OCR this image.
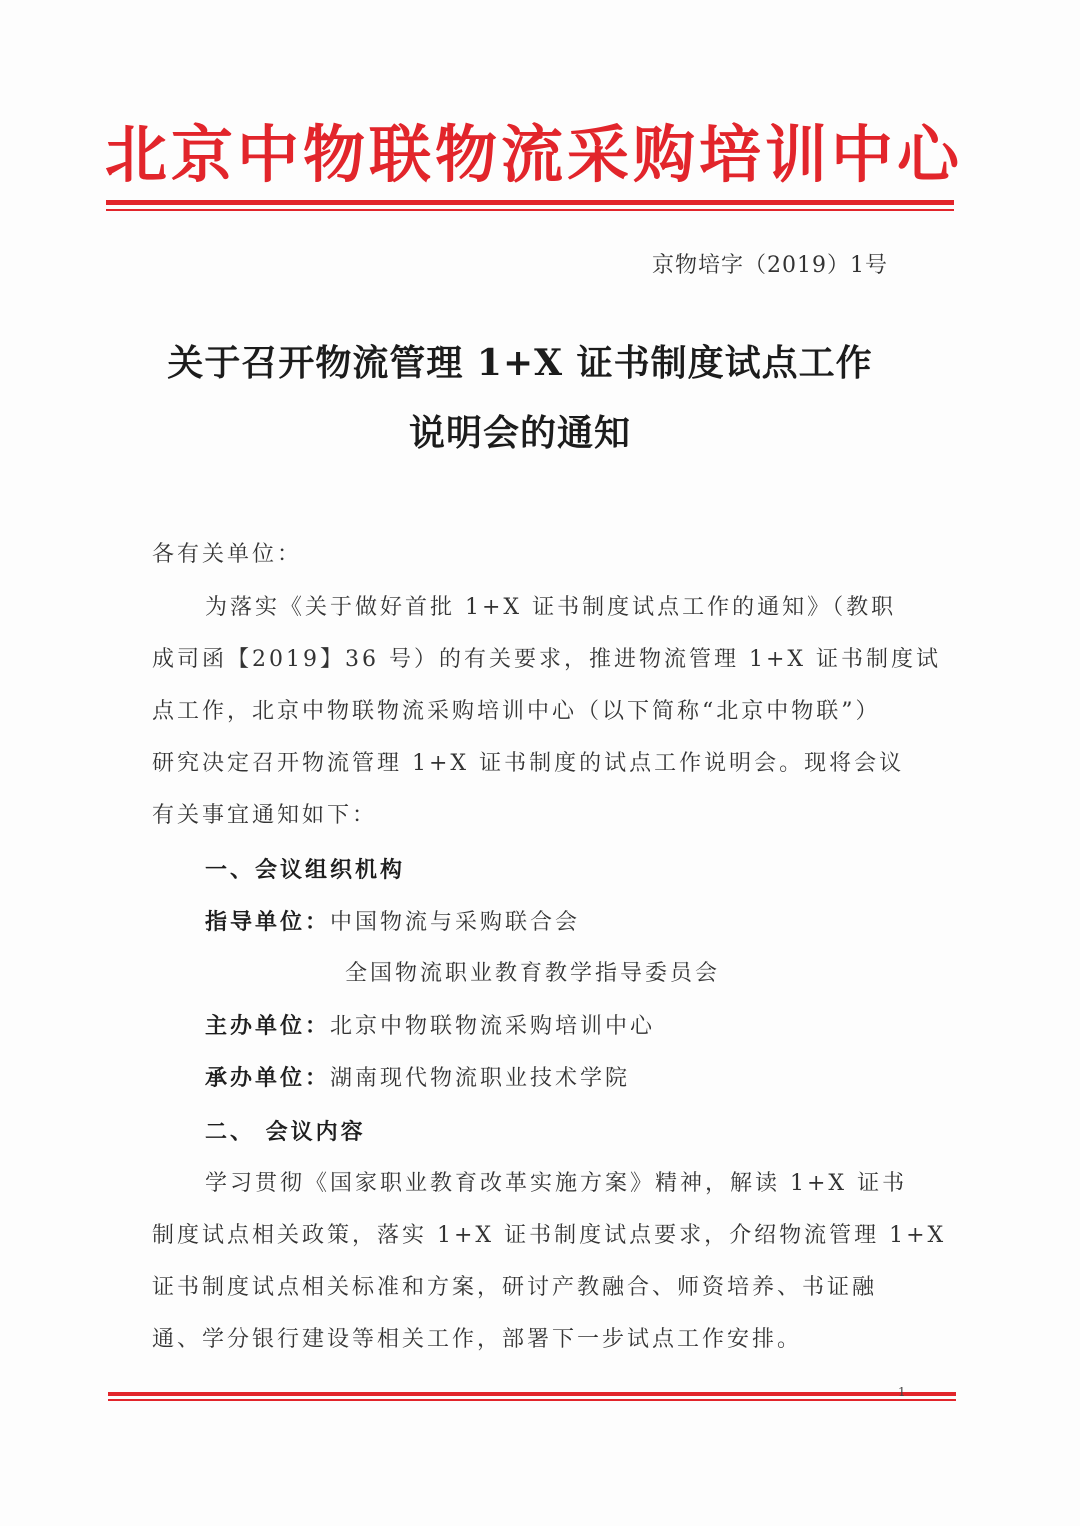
北京中物联物流采购培训中心
京物培字（2019）1号
关于召开物流管理 1+X 证书制度试点工作
说明会的通知
各有关单位：
为落实《关于做好首批 1+X 证书制度试点工作的通知》（教职
成司函【2019】36 号）的有关要求，推进物流管理 1+X 证书制度试
点工作，北京中物联物流采购培训中心（以下简称“北京中物联”）
研究决定召开物流管理 1+X 证书制度的试点工作说明会。现将会议
有关事宜通知如下：
一、会议组织机构
指导单位：中国物流与采购联合会
全国物流职业教育教学指导委员会
主办单位：北京中物联物流采购培训中心
承办单位：湖南现代物流职业技术学院
二、 会议内容
学习贯彻《国家职业教育改革实施方案》精神，解读 1+X 证书
制度试点相关政策，落实 1+X 证书制度试点要求，介绍物流管理 1+X
证书制度试点相关标准和方案，研讨产教融合、师资培养、书证融
通、学分银行建设等相关工作，部署下一步试点工作安排。
1
